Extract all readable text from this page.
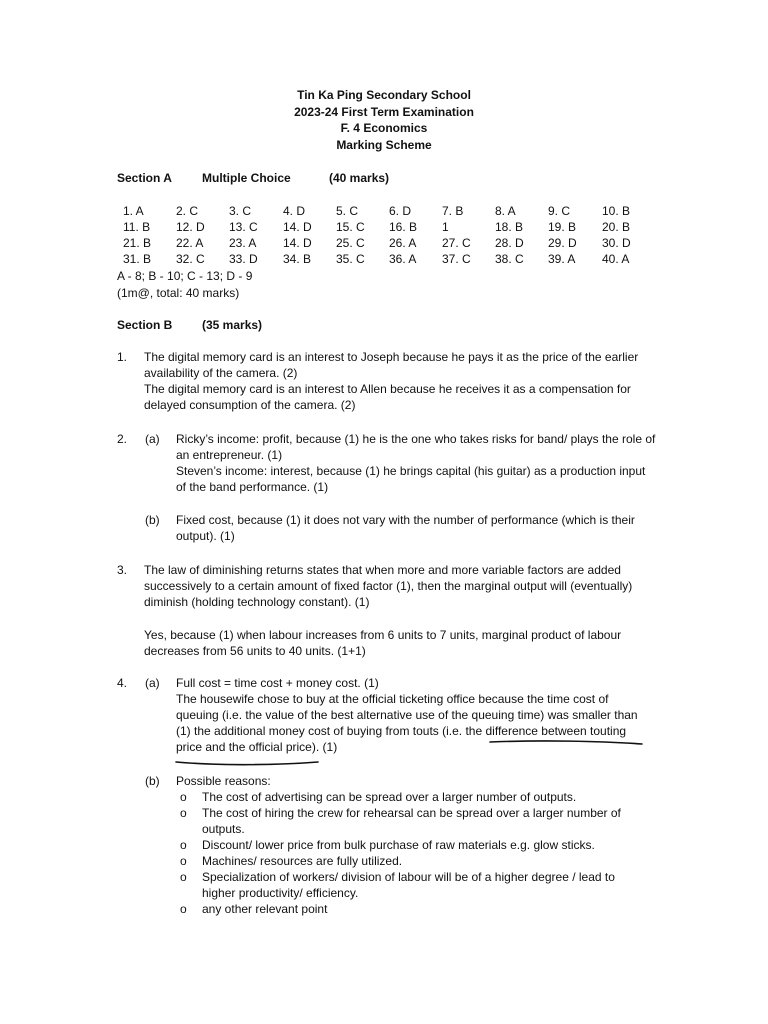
Tin Ka Ping Secondary School
2023-24 First Term Examination
F. 4 Economics
Marking Scheme
Section A	Multiple Choice	(40 marks)
1. A	2. C	3. C	4. D	5. C	6. D	7. B	8. A	9. C	10. B
11. B 12. D 13. C 14. D 15. C 16. B 1	18. B 19. B 20. B
21. B 22. A 23. A 14. D 25. C 26. A 27. C 28. D 29. D 30. D
31. B 32. C 33. D 34. B 35. C 36. A 37. C 38. C 39. A 40. A
A - 8; B - 10; C - 13; D - 9
(1m@, total: 40 marks)
Section B (35 marks)
1. The digital memory card is an interest to Joseph because he pays it as the price of the earlier
availability of the camera. (2)
The digital memory card is an interest to Allen because he receives it as a compensation for
delayed consumption of the camera. (2)
2. (a) Ricky’s income: profit, because (1) he is the one who takes risks for band/ plays the role of
an entrepreneur. (1)
Steven’s income: interest, because (1) he brings capital (his guitar) as a production input
of the band performance. (1)
(b) Fixed cost, because (1) it does not vary with the number of performance (which is their
output). (1)
3. The law of diminishing returns states that when more and more variable factors are added
successively to a certain amount of fixed factor (1), then the marginal output will (eventually)
diminish (holding technology constant). (1)
Yes, because (1) when labour increases from 6 units to 7 units, marginal product of labour
decreases from 56 units to 40 units. (1+1)
4. (a) Full cost = time cost + money cost. (1)
The housewife chose to buy at the official ticketing office because the time cost of
queuing (i.e. the value of the best alternative use of the queuing time) was smaller than
(1) the additional money cost of buying from touts (i.e. the difference between touting
price and the official price). (1)
(b) Possible reasons:
o The cost of advertising can be spread over a larger number of outputs.
o The cost of hiring the crew for rehearsal can be spread over a larger number of
outputs.
o Discount/ lower price from bulk purchase of raw materials e.g. glow sticks.
o Machines/ resources are fully utilized.
o Specialization of workers/ division of labour will be of a higher degree / lead to
higher productivity/ efficiency.
o any other relevant point
